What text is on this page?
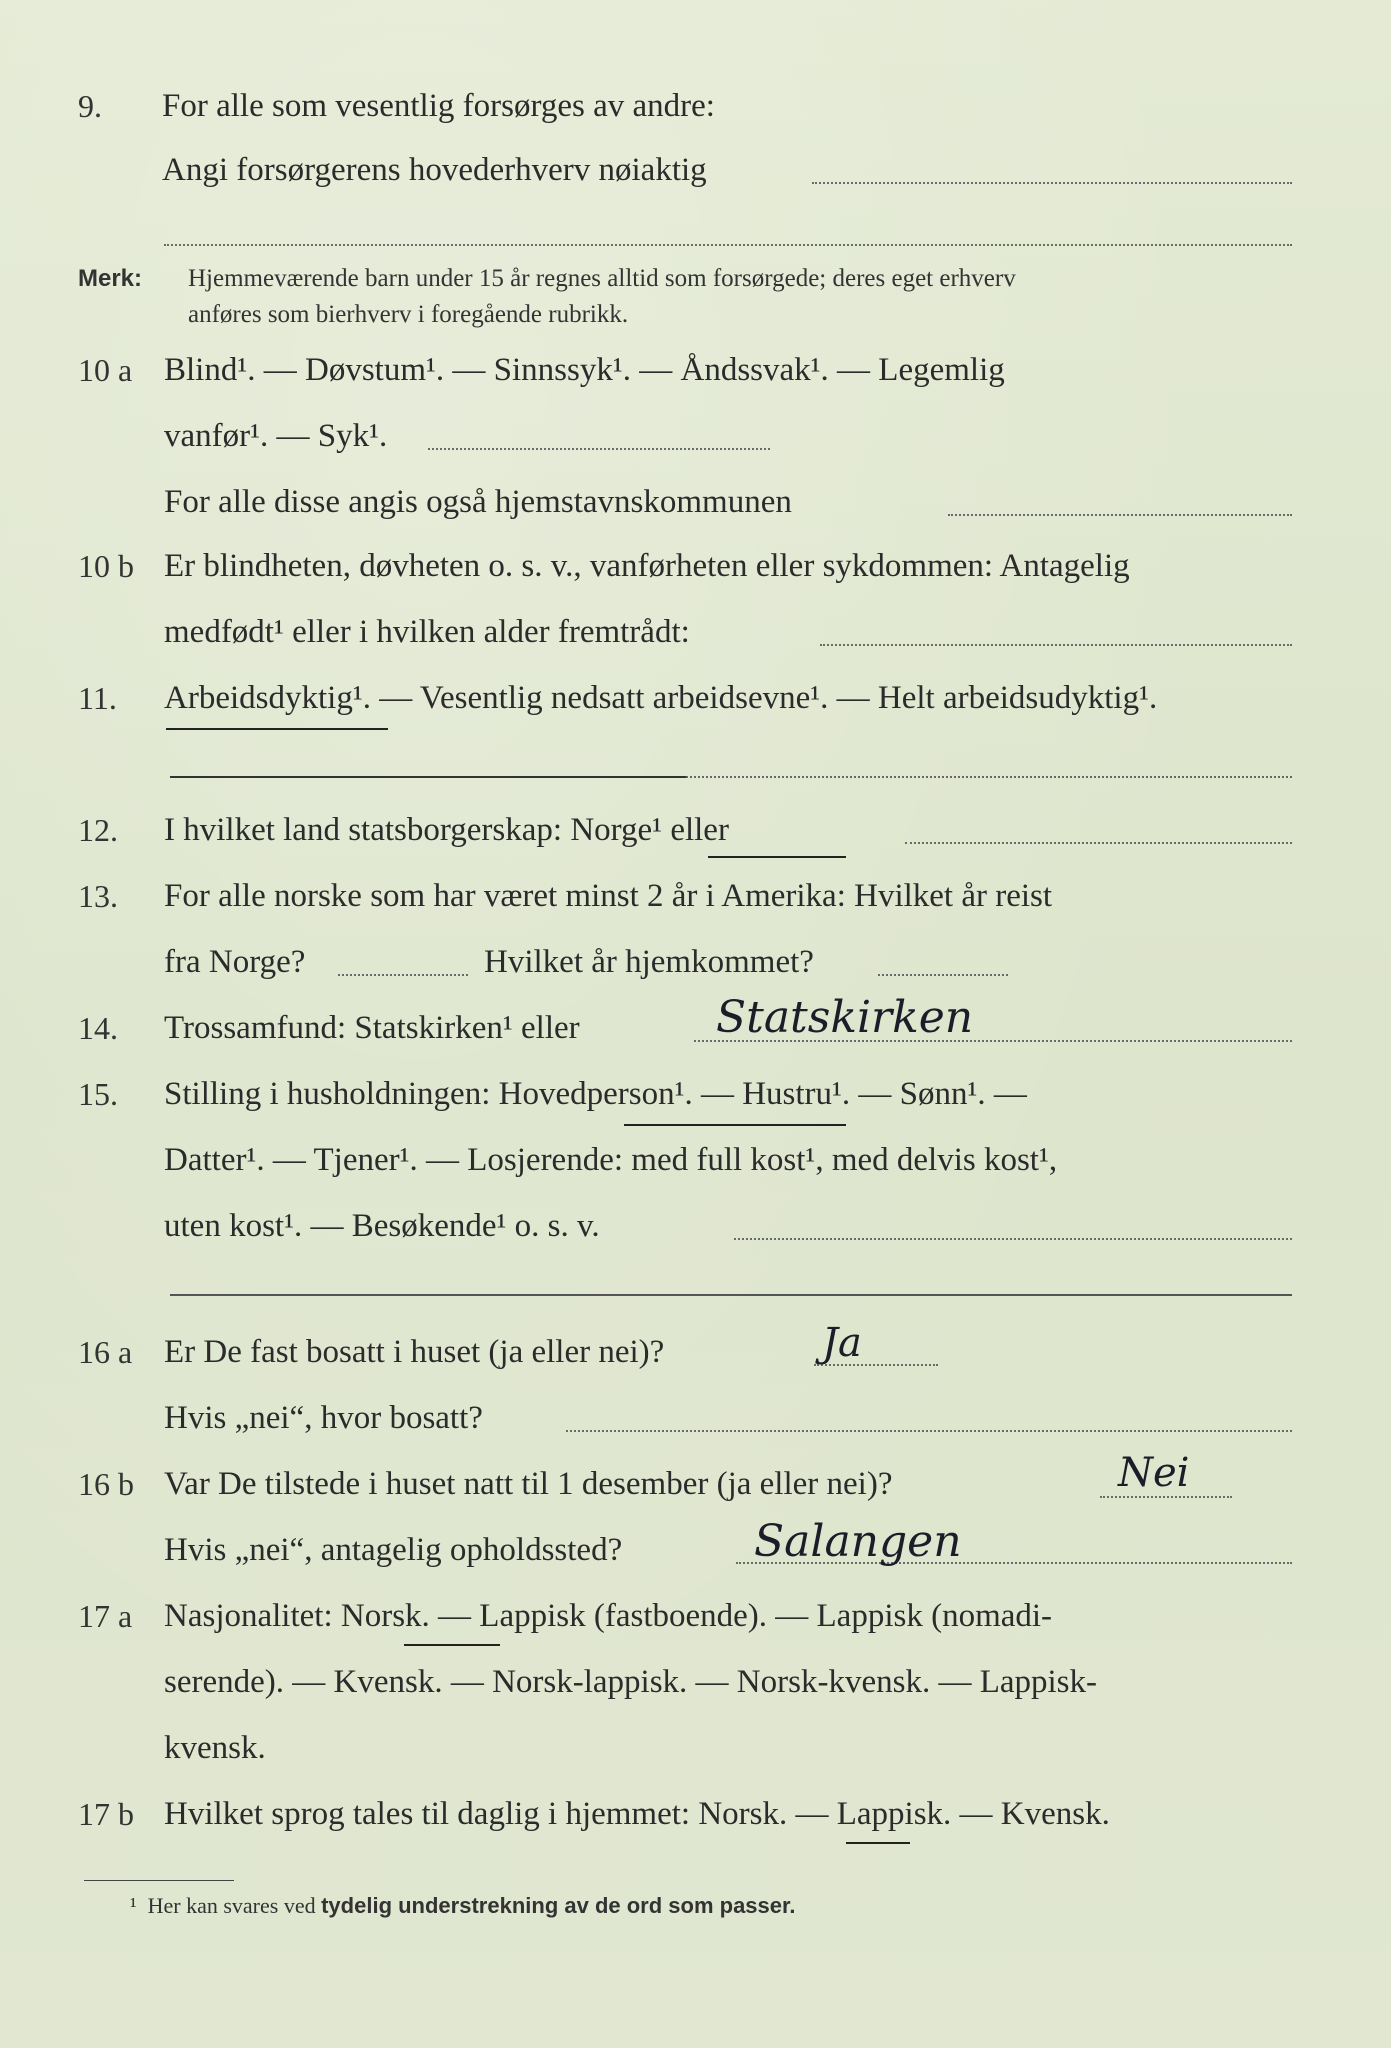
9. For alle som vesentlig forsørges av andre:
Angi forsørgerens hovederhverv nøiaktig
Merk: Hjemmeværende barn under 15 år regnes alltid som forsørgede; deres eget erhverv
anføres som bierhverv i foregående rubrikk.
10 a Blind¹. — Døvstum¹. — Sinnssyk¹. — Åndssvak¹. — Legemlig
vanfør¹. — Syk¹.
For alle disse angis også hjemstavnskommunen
10 b Er blindheten, døvheten o. s. v., vanførheten eller sykdommen: Antagelig
medfødt¹ eller i hvilken alder fremtrådt:
11. Arbeidsdyktig¹. — Vesentlig nedsatt arbeidsevne¹. — Helt arbeidsudyktig¹.
12. I hvilket land statsborgerskap: Norge¹ eller
13. For alle norske som har været minst 2 år i Amerika: Hvilket år reist
fra Norge?	Hvilket år hjemkommet?
14. Trossamfund: Statskirken¹ eller	Statskirken
15. Stilling i husholdningen: Hovedperson¹. — Hustru¹. — Sønn¹. —
Datter¹. — Tjener¹. — Losjerende: med full kost¹, med delvis kost¹,
uten kost¹. — Besøkende¹ o. s. v.
16 a Er De fast bosatt i huset (ja eller nei)?	Ja
Hvis „nei“, hvor bosatt?
16 b Var De tilstede i huset natt til 1 desember (ja eller nei)?	Nei
Hvis „nei“, antagelig opholdssted?	Salangen
17 a Nasjonalitet: Norsk. — Lappisk (fastboende). — Lappisk (nomadi-
serende). — Kvensk. — Norsk-lappisk. — Norsk-kvensk. — Lappisk-
kvensk.
17 b Hvilket sprog tales til daglig i hjemmet: Norsk. — Lappisk. — Kvensk.
¹ Her kan svares ved tydelig understrekning av de ord som passer.
